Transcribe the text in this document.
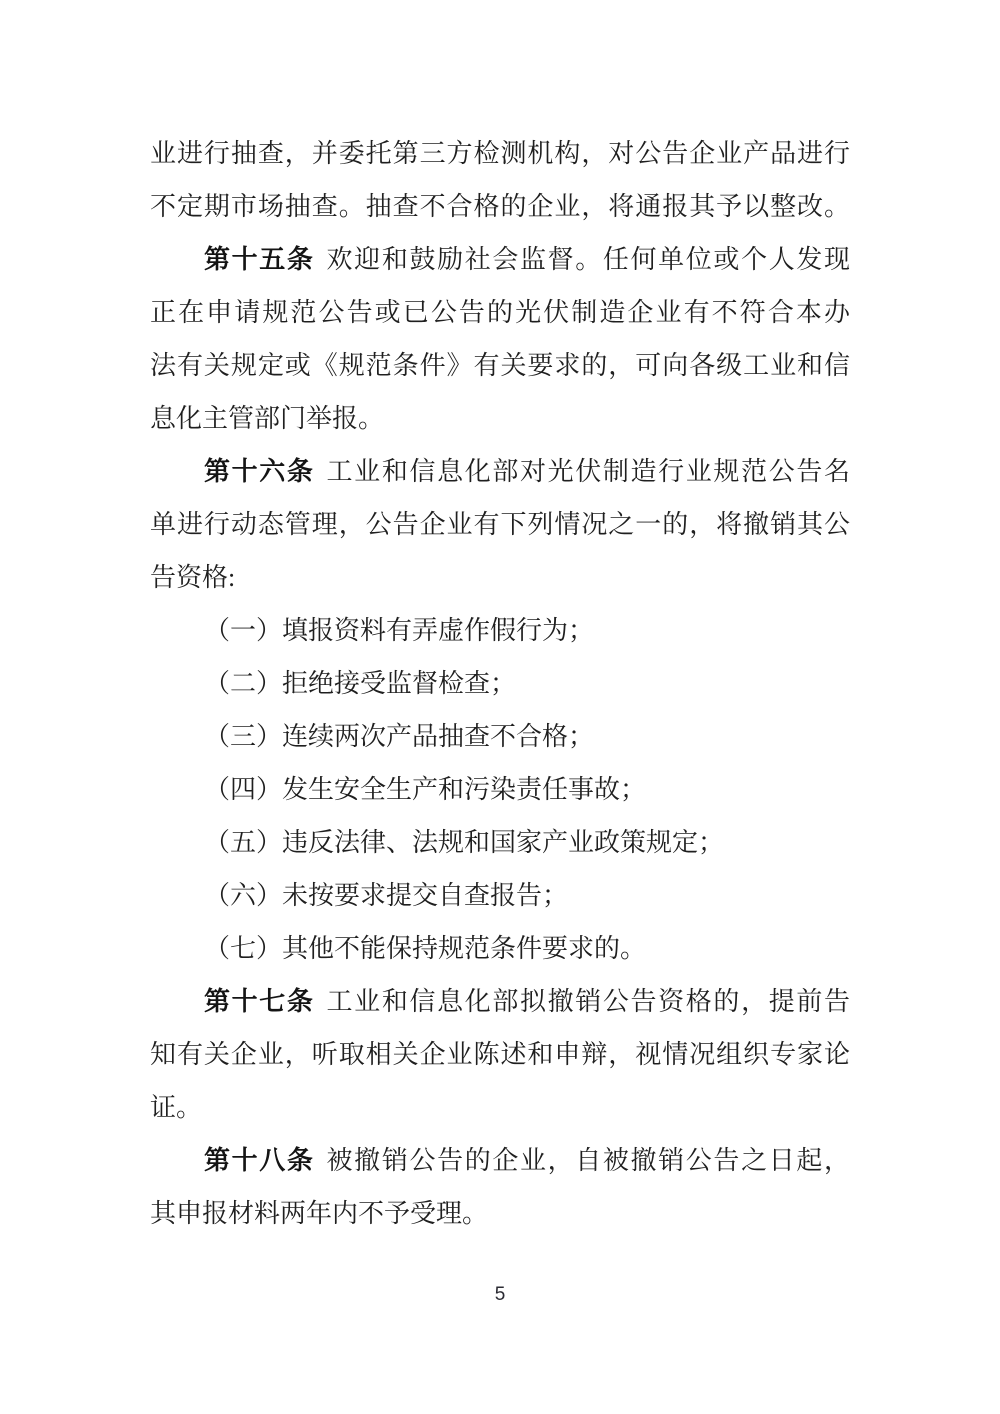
业进行抽查，并委托第三方检测机构，对公告企业产品进行
不定期市场抽查。抽查不合格的企业，将通报其予以整改。
第十五条 欢迎和鼓励社会监督。任何单位或个人发现
正在申请规范公告或已公告的光伏制造企业有不符合本办
法有关规定或《规范条件》有关要求的，可向各级工业和信
息化主管部门举报。
第十六条 工业和信息化部对光伏制造行业规范公告名
单进行动态管理，公告企业有下列情况之一的，将撤销其公
告资格:
（一）填报资料有弄虚作假行为；
（二）拒绝接受监督检查；
（三）连续两次产品抽查不合格；
（四）发生安全生产和污染责任事故；
（五）违反法律、法规和国家产业政策规定；
（六）未按要求提交自查报告；
（七）其他不能保持规范条件要求的。
第十七条 工业和信息化部拟撤销公告资格的，提前告
知有关企业，听取相关企业陈述和申辩，视情况组织专家论
证。
第十八条 被撤销公告的企业，自被撤销公告之日起，
其申报材料两年内不予受理。
5
